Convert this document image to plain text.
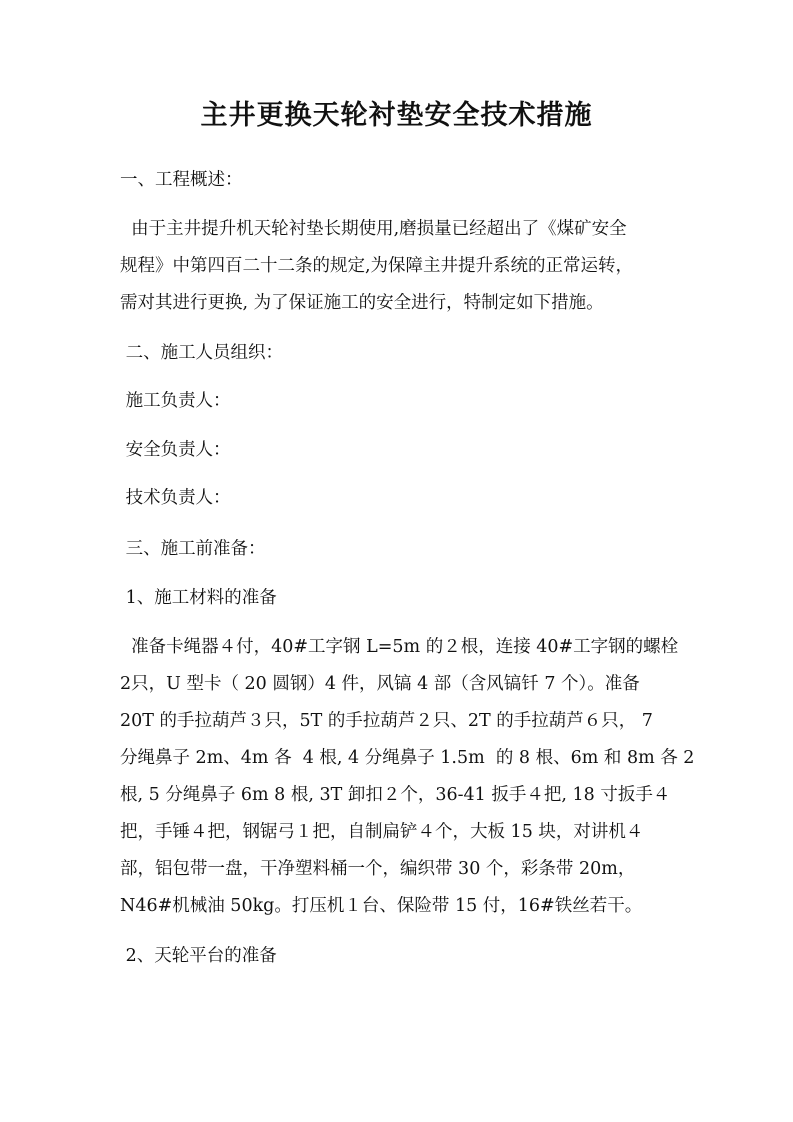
主井更换天轮衬垫安全技术措施
一、工程概述：
由于主井提升机天轮衬垫长期使用,磨损量已经超出了《煤矿安全
规程》中第四百二十二条的规定,为保障主井提升系统的正常运转，
需对其进行更换, 为了保证施工的安全进行，特制定如下措施。
二、施工人员组织：
施工负责人：
安全负责人：
技术负责人：
三、施工前准备：
1、施工材料的准备
准备卡绳器４付，40#工字钢 L=5m 的２根，连接 40#工字钢的螺栓
2只，U 型卡（ 20 圆钢）4 件，风镐 4 部（含风镐钎 7 个）。准备
20T 的手拉葫芦３只，5T 的手拉葫芦２只、2T 的手拉葫芦６只， 7
分绳鼻子 2m、4m 各  4 根, 4 分绳鼻子 1.5m  的 8 根、6m 和 8m 各 2
根, 5 分绳鼻子 6m 8 根, 3T 卸扣２个，36-41 扳手４把, 18 寸扳手４
把，手锤４把，钢锯弓１把，自制扁铲４个，大板 15 块，对讲机４
部，铝包带一盘，干净塑料桶一个，编织带 30 个，彩条带 20m，
N46#机械油 50kg。打压机１台、保险带 15 付，16#铁丝若干。
2、天轮平台的准备
